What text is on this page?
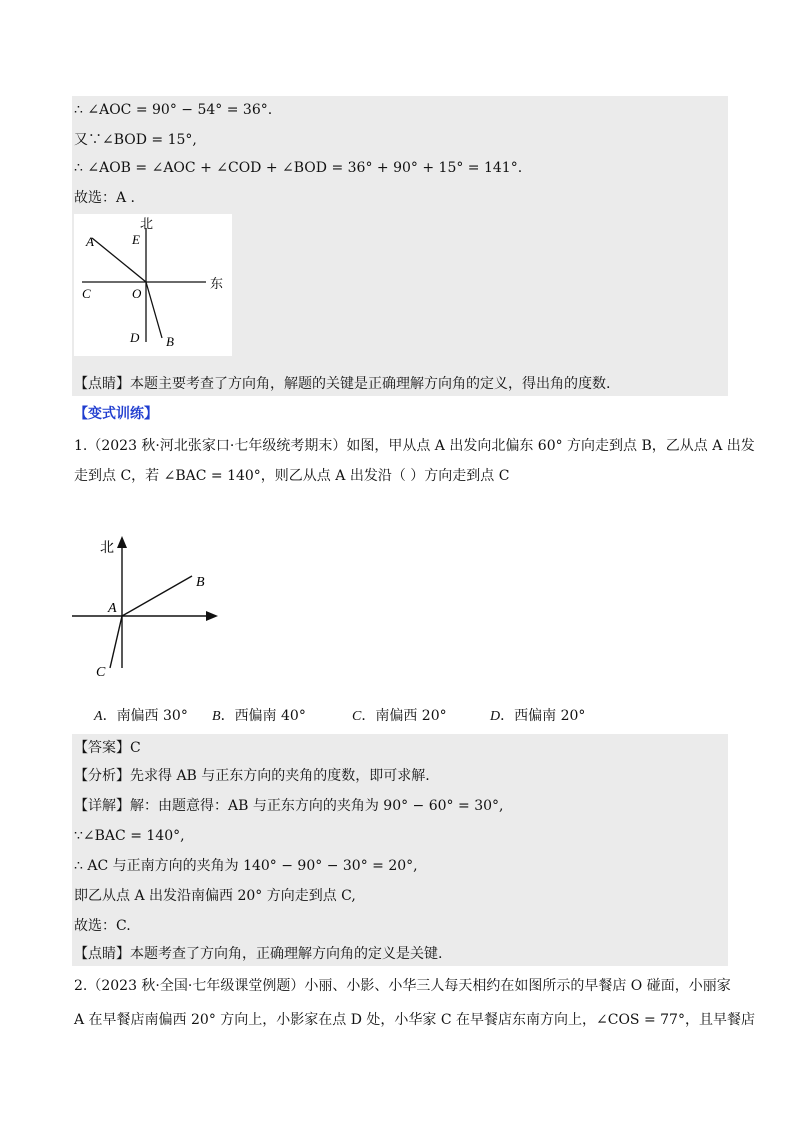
∴ ∠AOC = 90° − 54° = 36°.
又∵∠BOD = 15°,
∴ ∠AOB = ∠AOC + ∠COD + ∠BOD = 36° + 90° + 15° = 141°.
故选：A .
北
E
A
东
C	O
D B
【点睛】本题主要考查了方向角，解题的关键是正确理解方向角的定义，得出角的度数.
【变式训练】
1.（2023 秋·河北张家口·七年级统考期末）如图，甲从点 A 出发向北偏东 60° 方向走到点 B，乙从点 A 出发
走到点 C，若 ∠BAC = 140°，则乙从点 A 出发沿（ ）方向走到点 C
北
A
B
C
A．南偏西 30° B．西偏南 40°	C．南偏西 20°	D．西偏南 20°
【答案】C
【分析】先求得 AB 与正东方向的夹角的度数，即可求解.
【详解】解：由题意得：AB 与正东方向的夹角为 90° − 60° = 30°,
∵∠BAC = 140°,
∴ AC 与正南方向的夹角为 140° − 90° − 30° = 20°,
即乙从点 A 出发沿南偏西 20° 方向走到点 C,
故选：C.
【点睛】本题考查了方向角，正确理解方向角的定义是关键.
2.（2023 秋·全国·七年级课堂例题）小丽、小影、小华三人每天相约在如图所示的早餐店 O 碰面，小丽家
A 在早餐店南偏西 20° 方向上，小影家在点 D 处，小华家 C 在早餐店东南方向上，∠COS = 77°，且早餐店
